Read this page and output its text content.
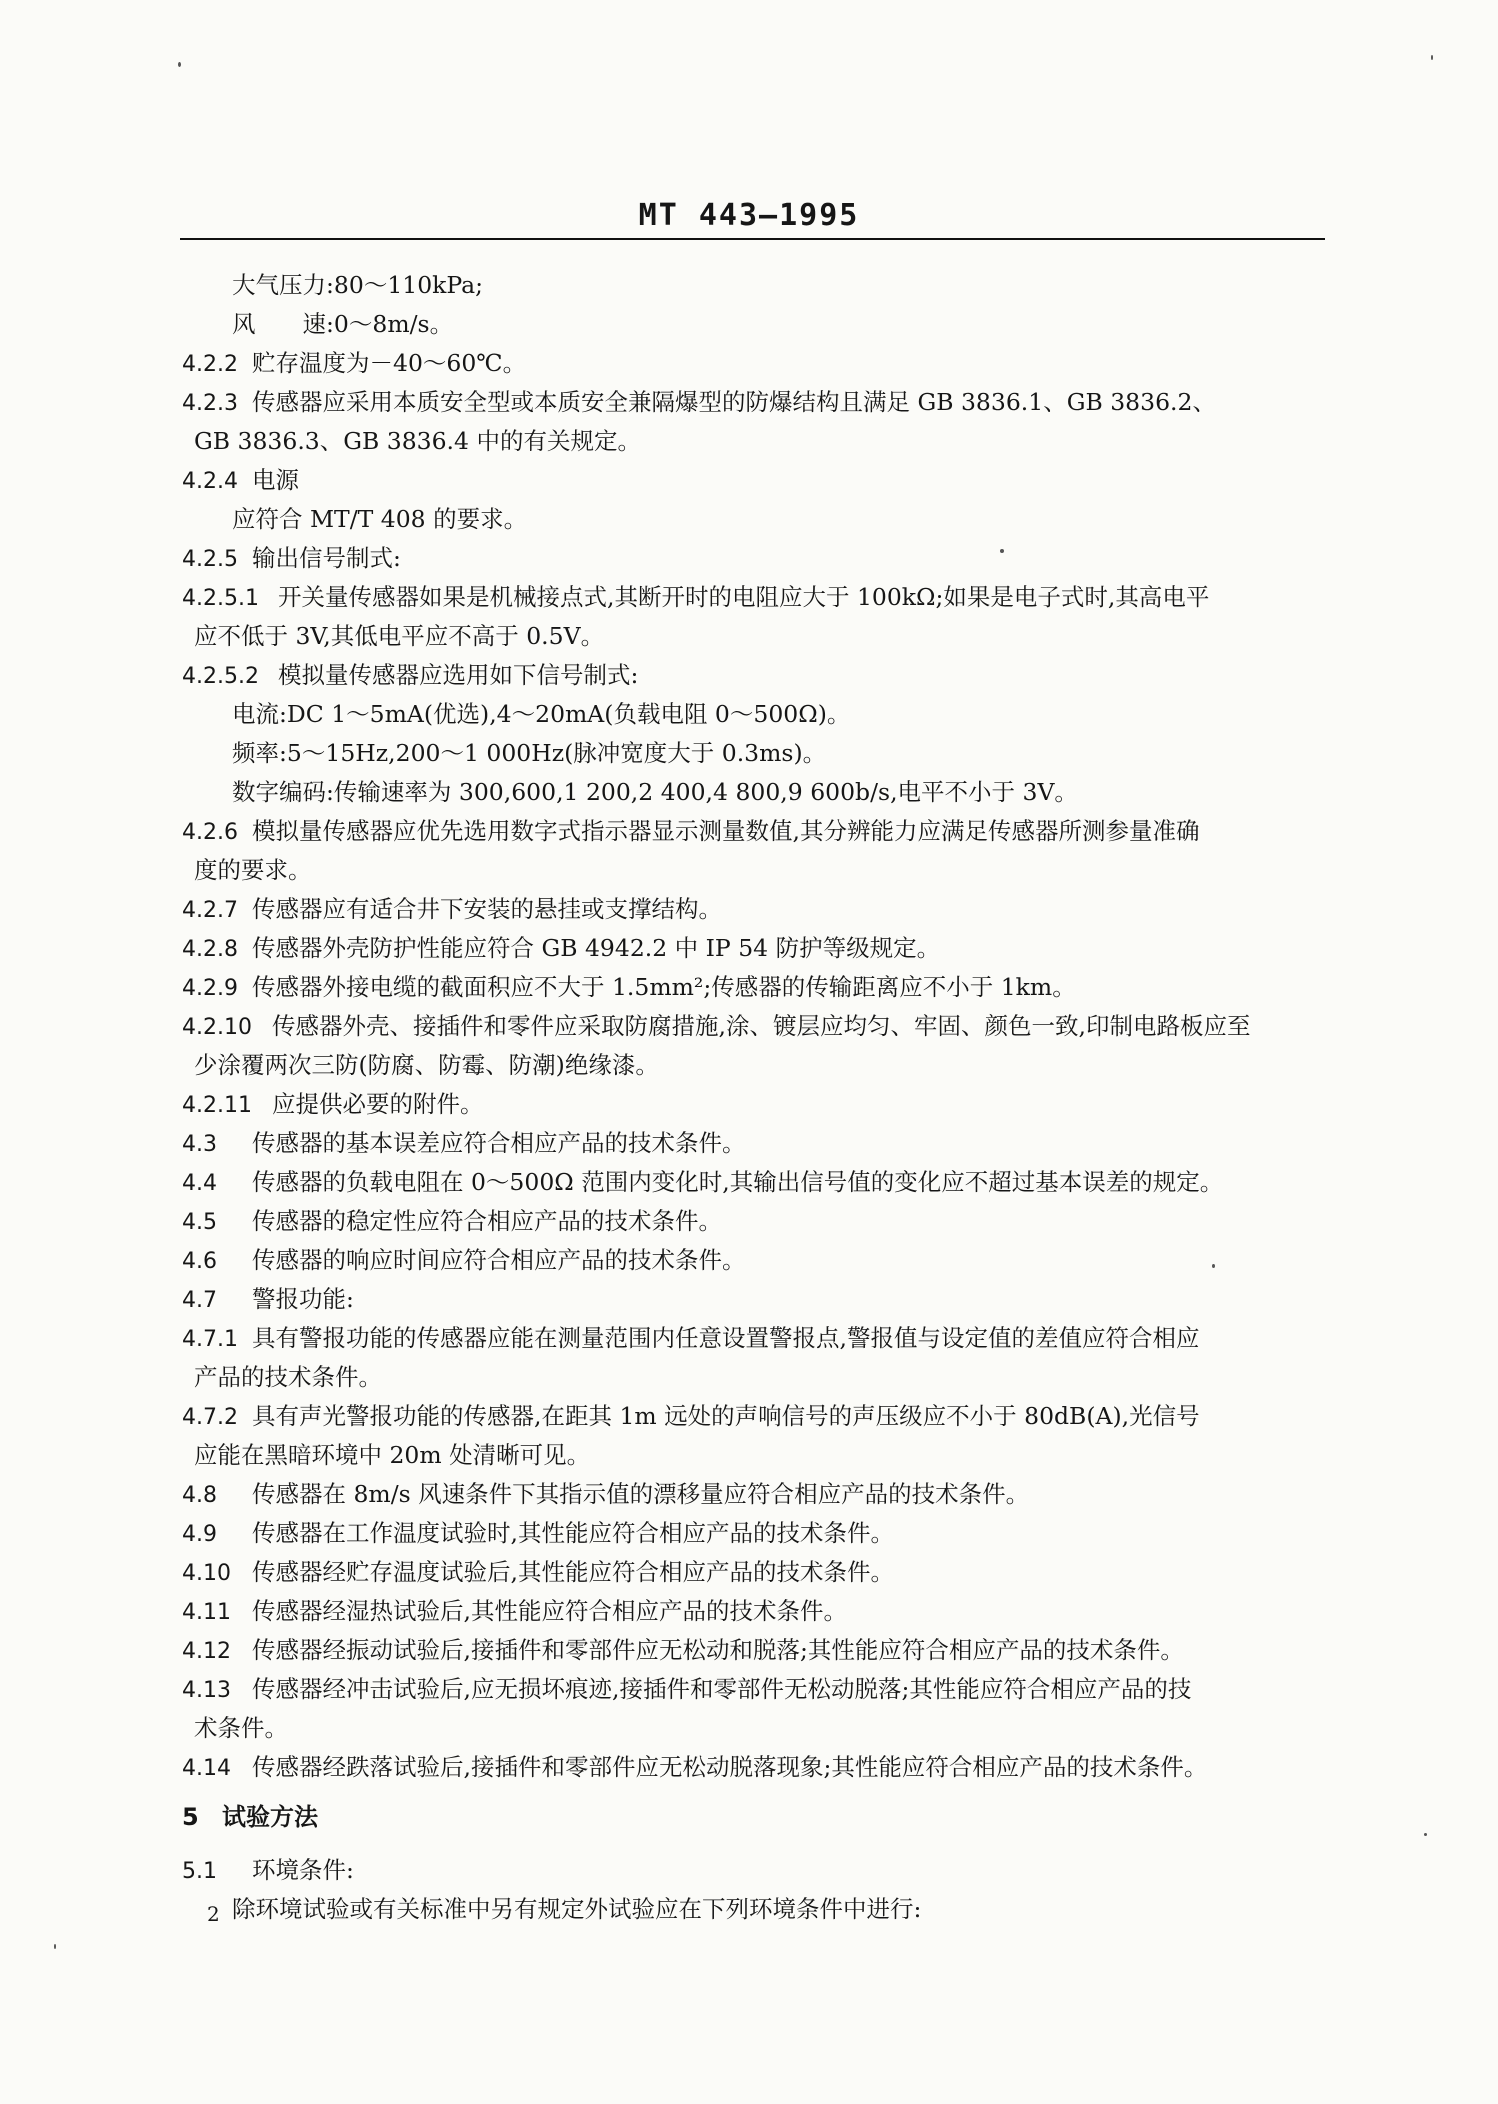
MT 443—1995
大气压力:80～110kPa;
风　　速:0～8m/s。
4.2.2 贮存温度为－40～60℃。
4.2.3 传感器应采用本质安全型或本质安全兼隔爆型的防爆结构且满足 GB 3836.1、GB 3836.2、
GB 3836.3、GB 3836.4 中的有关规定。
4.2.4 电源
应符合 MT/T 408 的要求。
4.2.5 输出信号制式:
4.2.5.1 开关量传感器如果是机械接点式,其断开时的电阻应大于 100kΩ;如果是电子式时,其高电平
应不低于 3V,其低电平应不高于 0.5V。
4.2.5.2 模拟量传感器应选用如下信号制式:
电流:DC 1～5mA(优选),4～20mA(负载电阻 0～500Ω)。
频率:5～15Hz,200～1 000Hz(脉冲宽度大于 0.3ms)。
数字编码:传输速率为 300,600,1 200,2 400,4 800,9 600b/s,电平不小于 3V。
4.2.6 模拟量传感器应优先选用数字式指示器显示测量数值,其分辨能力应满足传感器所测参量准确
度的要求。
4.2.7 传感器应有适合井下安装的悬挂或支撑结构。
4.2.8 传感器外壳防护性能应符合 GB 4942.2 中 IP 54 防护等级规定。
4.2.9 传感器外接电缆的截面积应不大于 1.5mm²;传感器的传输距离应不小于 1km。
4.2.10 传感器外壳、接插件和零件应采取防腐措施,涂、镀层应均匀、牢固、颜色一致,印制电路板应至
少涂覆两次三防(防腐、防霉、防潮)绝缘漆。
4.2.11 应提供必要的附件。
4.3 传感器的基本误差应符合相应产品的技术条件。
4.4 传感器的负载电阻在 0～500Ω 范围内变化时,其输出信号值的变化应不超过基本误差的规定。
4.5 传感器的稳定性应符合相应产品的技术条件。
4.6 传感器的响应时间应符合相应产品的技术条件。
4.7 警报功能:
4.7.1 具有警报功能的传感器应能在测量范围内任意设置警报点,警报值与设定值的差值应符合相应
产品的技术条件。
4.7.2 具有声光警报功能的传感器,在距其 1m 远处的声响信号的声压级应不小于 80dB(A),光信号
应能在黑暗环境中 20m 处清晰可见。
4.8 传感器在 8m/s 风速条件下其指示值的漂移量应符合相应产品的技术条件。
4.9 传感器在工作温度试验时,其性能应符合相应产品的技术条件。
4.10 传感器经贮存温度试验后,其性能应符合相应产品的技术条件。
4.11 传感器经湿热试验后,其性能应符合相应产品的技术条件。
4.12 传感器经振动试验后,接插件和零部件应无松动和脱落;其性能应符合相应产品的技术条件。
4.13 传感器经冲击试验后,应无损坏痕迹,接插件和零部件无松动脱落;其性能应符合相应产品的技
术条件。
4.14 传感器经跌落试验后,接插件和零部件应无松动脱落现象;其性能应符合相应产品的技术条件。
5 试验方法
5.1 环境条件:
除环境试验或有关标准中另有规定外试验应在下列环境条件中进行:
2
